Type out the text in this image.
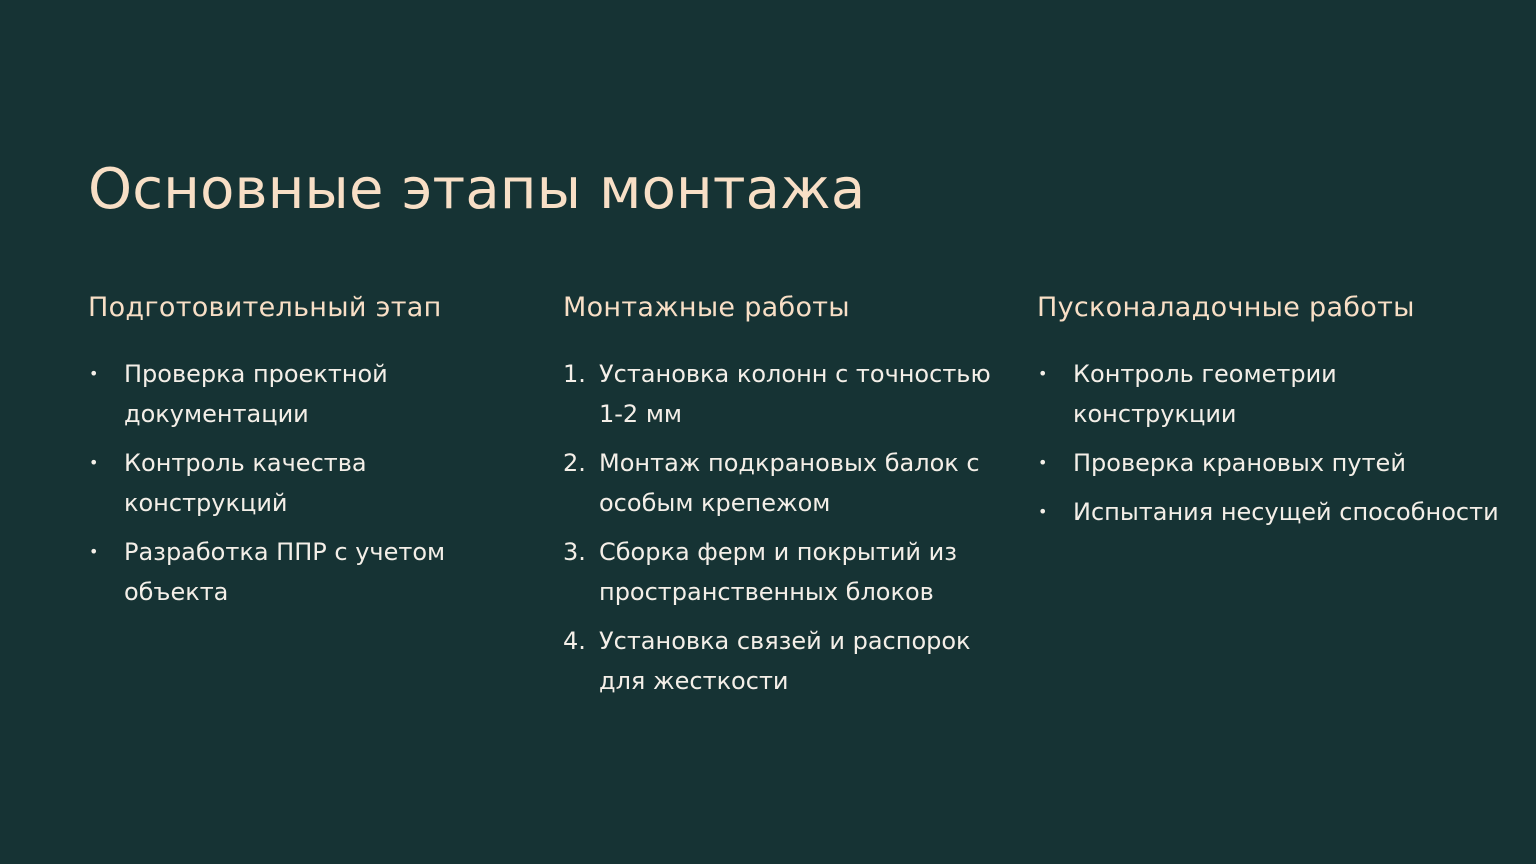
Основные этапы монтажа
Подготовительный этап
•	Проверка проектной документации
•	Контроль качества конструкций
•	Разработка ППР с учетом объекта
Монтажные работы
1. Установка колонн с точностью 1-2 мм
2. Монтаж подкрановых балок с особым крепежом
3. Сборка ферм и покрытий из пространственных блоков
4. Установка связей и распорок для жесткости
Пусконаладочные работы
•	Контроль геометрии конструкции
•	Проверка крановых путей
•	Испытания несущей способности
